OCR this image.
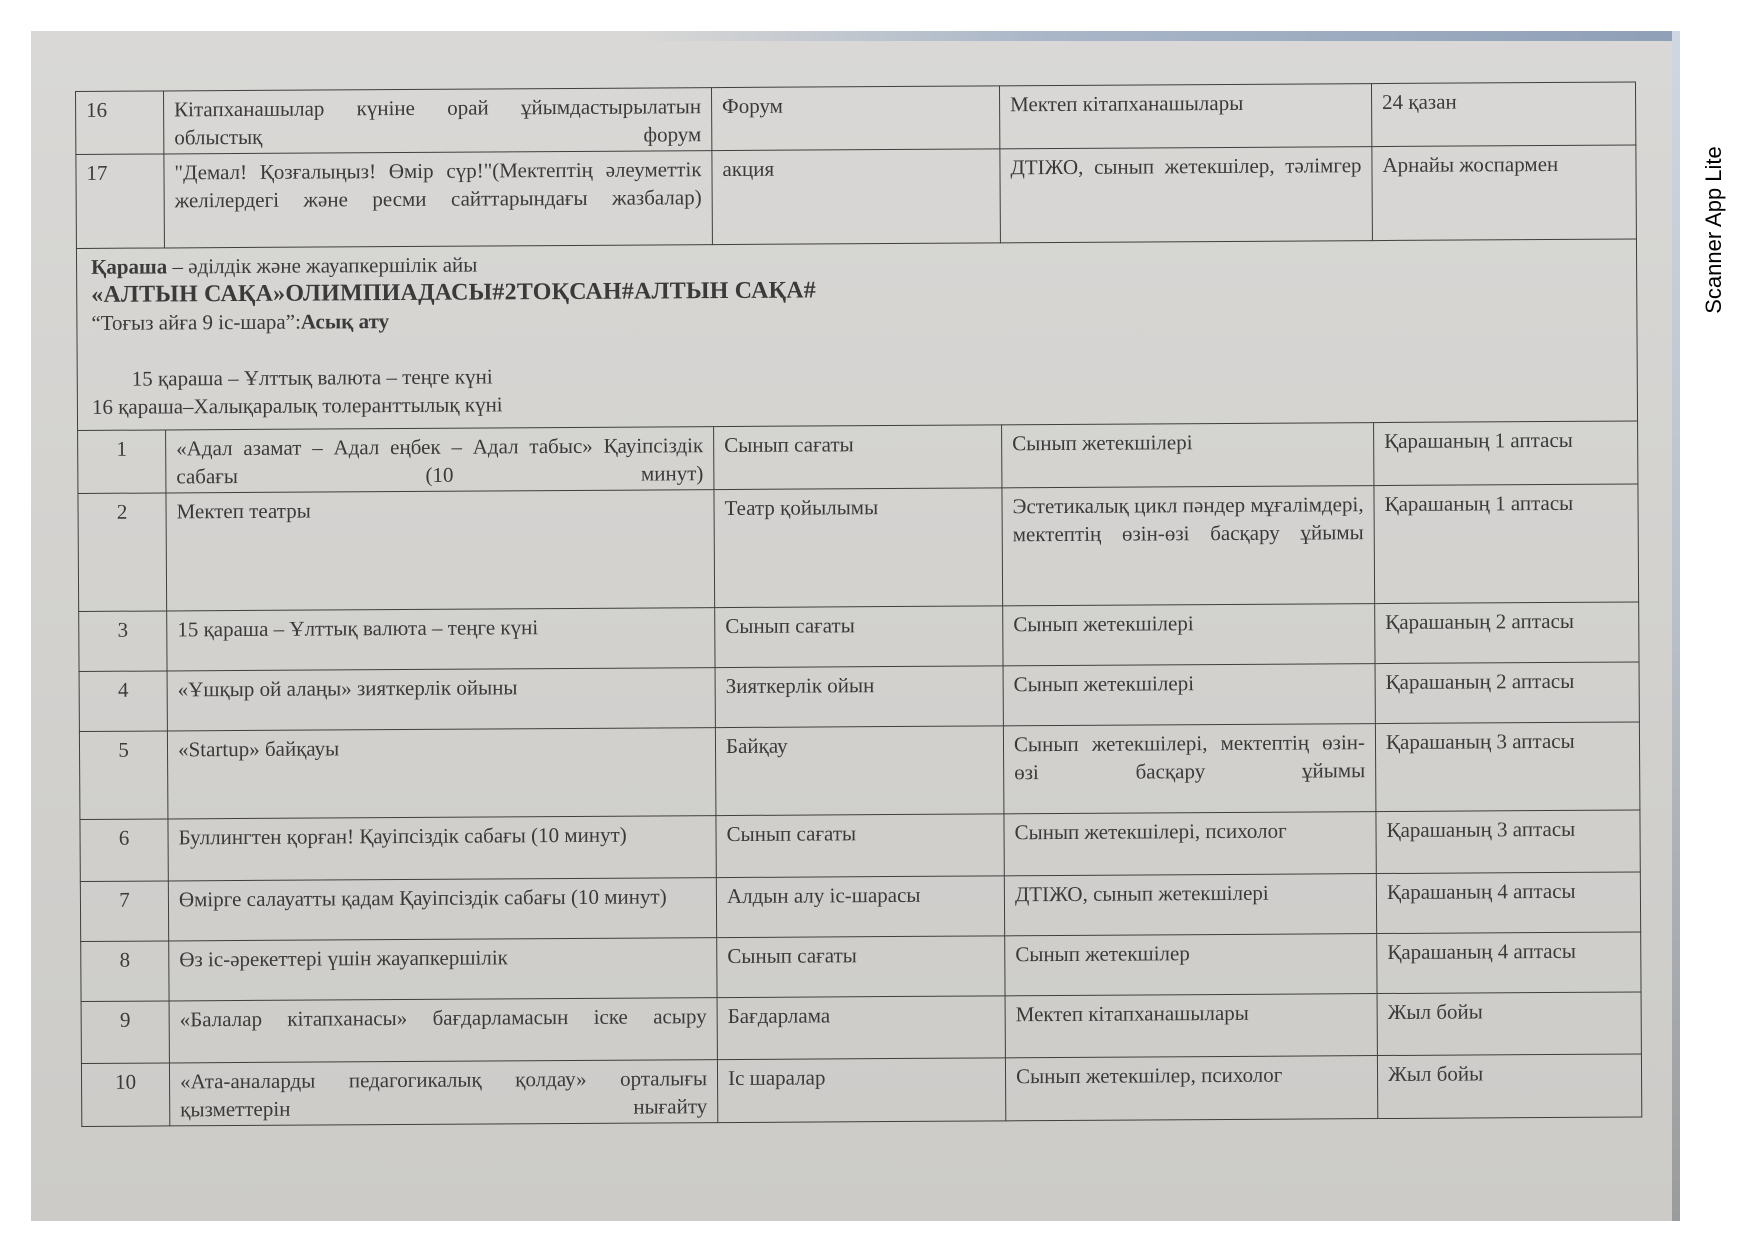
16	Кітапханашылар күніне орай ұйымдастырылатын облыстық форум	Форум	Мектеп кітапханашылары	24 қазан
17	"Демал! Қозғалыңыз! Өмір сүр!"(Мектептің әлеуметтік желілердегі және ресми сайттарындағы жазбалар)	акция	ДТІЖО, сынып жетекшілер, тәлімгер	Арнайы жоспармен

Қараша – әділдік және жауапкершілік айы
«АЛТЫН САҚА»ОЛИМПИАДАСЫ#2ТОҚСАН#АЛТЫН САҚА#
“Тоғыз айға 9 іс-шара”:Асық ату
15 қараша – Ұлттық валюта – теңге күні
16 қараша–Халықаралық толеранттылық күні				

1	«Адал азамат – Адал еңбек – Адал табыс» Қауіпсіздік сабағы (10 минут)	Сынып сағаты	Сынып жетекшілері	Қарашаның 1 аптасы
2	Мектеп театры	Театр қойылымы	Эстетикалық цикл пәндер мұғалімдері, мектептің өзін-өзі басқару ұйымы	Қарашаның 1 аптасы
3	15 қараша – Ұлттық валюта – теңге күні	Сынып сағаты	Сынып жетекшілері	Қарашаның 2 аптасы
4	«Ұшқыр ой алаңы» зияткерлік ойыны	Зияткерлік ойын	Сынып жетекшілері	Қарашаның 2 аптасы
5	«Startup» байқауы	Байқау	Сынып жетекшілері, мектептің өзін-өзі басқару ұйымы	Қарашаның 3 аптасы
6	Буллингтен қорған! Қауіпсіздік сабағы (10 минут)	Сынып сағаты	Сынып жетекшілері, психолог	Қарашаның 3 аптасы
7	Өмірге салауатты қадам Қауіпсіздік сабағы (10 минут)	Алдын алу іс-шарасы	ДТІЖО, сынып жетекшілері	Қарашаның 4 аптасы
8	Өз іс-әрекеттері үшін жауапкершілік	Сынып сағаты	Сынып жетекшілер	Қарашаның 4 аптасы
9	«Балалар кітапханасы» бағдарламасын іске асыру	Бағдарлама	Мектеп кітапханашылары	Жыл бойы
10	«Ата-аналарды педагогикалық қолдау» орталығы қызметтерін нығайту	Іс шаралар	Сынып жетекшілер, психолог	Жыл бойы
Scanner App Lite
